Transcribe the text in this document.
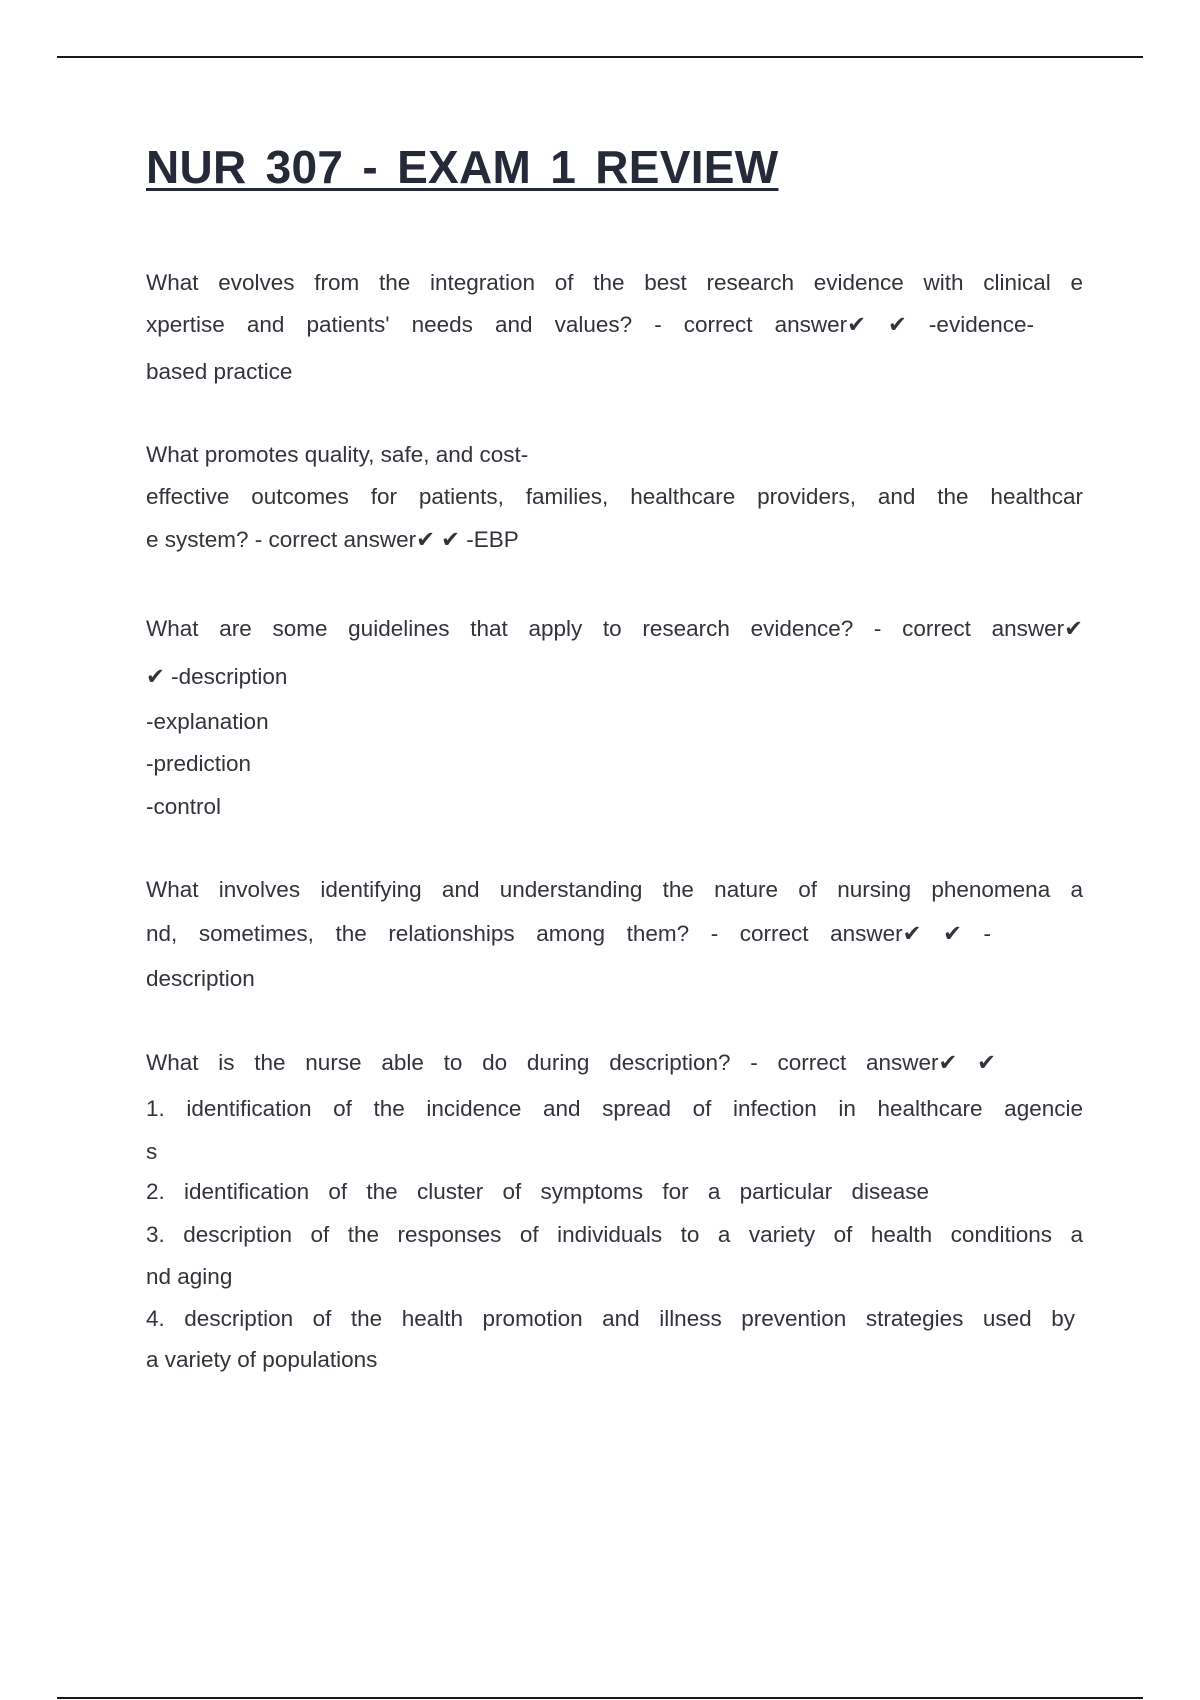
NUR 307 - EXAM 1 REVIEW
What evolves from the integration of the best research evidence with clinical e
xpertise and patients' needs and values? - correct answer✔ ✔ -evidence-
based practice
What promotes quality, safe, and cost-
effective outcomes for patients, families, healthcare providers, and the healthcar
e system? - correct answer✔ ✔ -EBP
What are some guidelines that apply to research evidence? - correct answer✔
✔ -description
-explanation
-prediction
-control
What involves identifying and understanding the nature of nursing phenomena a
nd, sometimes, the relationships among them? - correct answer✔ ✔ -
description
What is the nurse able to do during description? - correct answer✔ ✔
1. identification of the incidence and spread of infection in healthcare agencie
s
2. identification of the cluster of symptoms for a particular disease
3. description of the responses of individuals to a variety of health conditions a
nd aging
4. description of the health promotion and illness prevention strategies used by
a variety of populations
